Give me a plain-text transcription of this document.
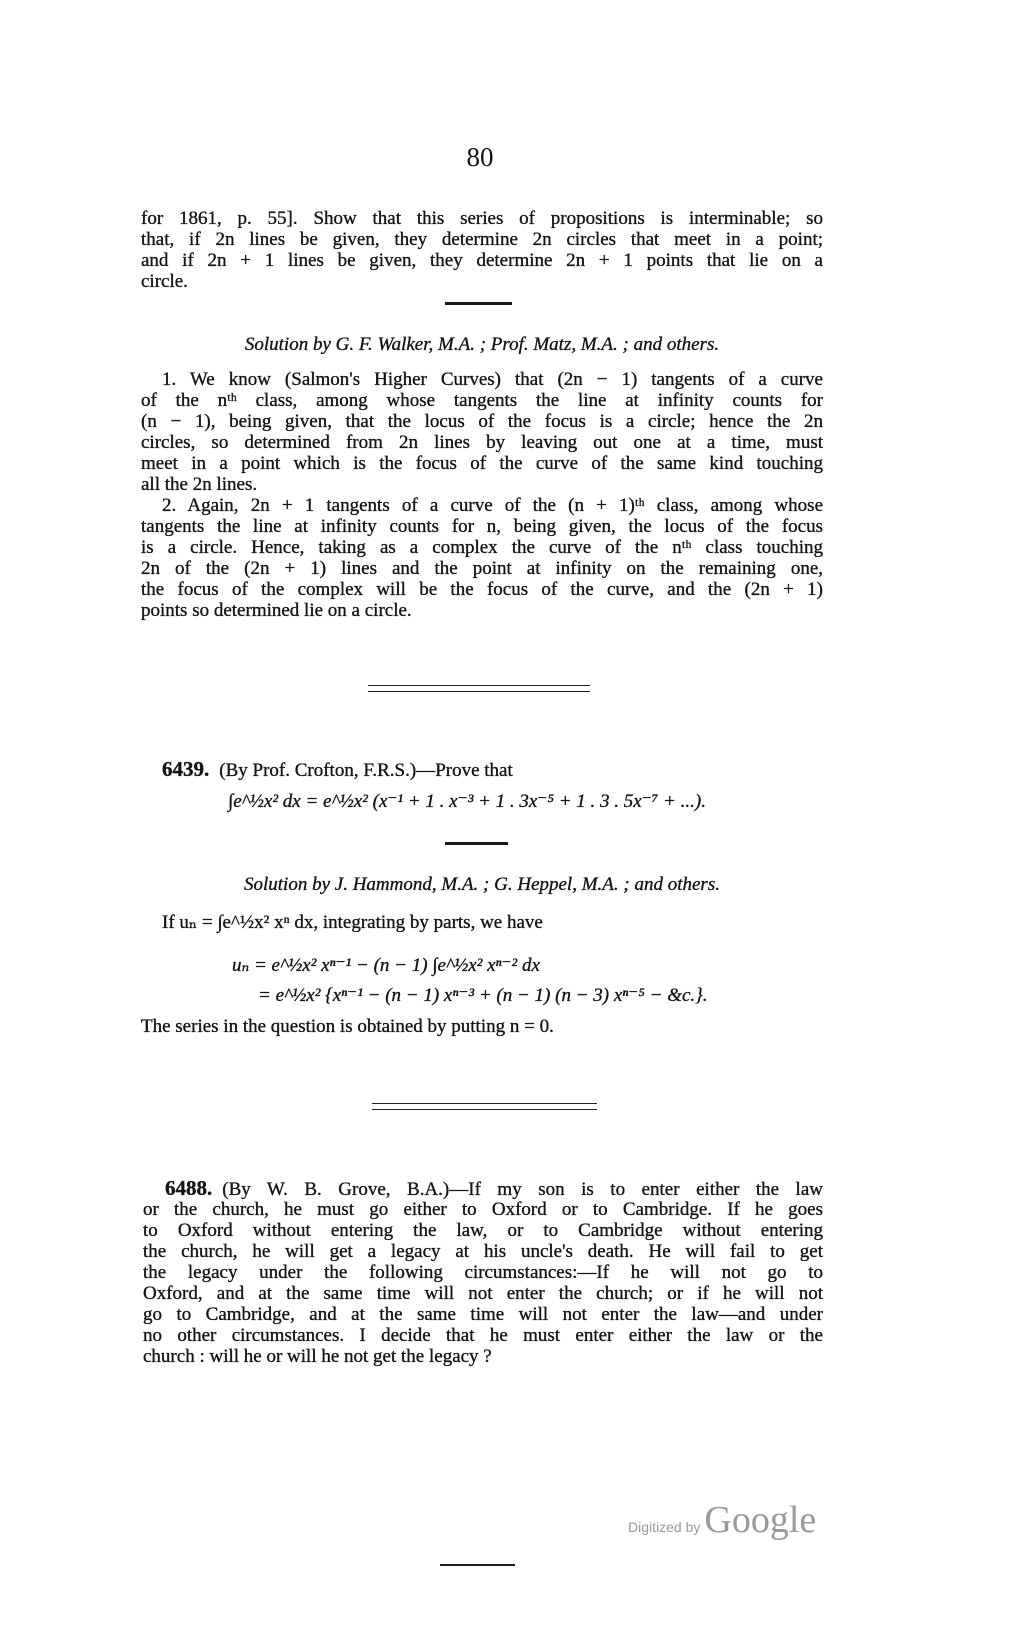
80
for 1861, p. 55]. Show that this series of propositions is interminable; so
that, if 2n lines be given, they determine 2n circles that meet in a point;
and if 2n + 1 lines be given, they determine 2n + 1 points that lie on a
circle.
Solution by G. F. Walker, M.A. ; Prof. Matz, M.A. ; and others.
1. We know (Salmon's Higher Curves) that (2n − 1) tangents of a curve
of the nᵗʰ class, among whose tangents the line at infinity counts for
(n − 1), being given, that the locus of the focus is a circle; hence the 2n
circles, so determined from 2n lines by leaving out one at a time, must
meet in a point which is the focus of the curve of the same kind touching
all the 2n lines.
2. Again, 2n + 1 tangents of a curve of the (n + 1)ᵗʰ class, among whose
tangents the line at infinity counts for n, being given, the locus of the focus
is a circle. Hence, taking as a complex the curve of the nᵗʰ class touching
2n of the (2n + 1) lines and the point at infinity on the remaining one,
the focus of the complex will be the focus of the curve, and the (2n + 1)
points so determined lie on a circle.
6439. (By Prof. Crofton, F.R.S.)—Prove that
∫e^½x² dx = e^½x² (x⁻¹ + 1 . x⁻³ + 1 . 3x⁻⁵ + 1 . 3 . 5x⁻⁷ + ...).
Solution by J. Hammond, M.A. ; G. Heppel, M.A. ; and others.
If uₙ = ∫e^½x² xⁿ dx, integrating by parts, we have
uₙ = e^½x² xⁿ⁻¹ − (n − 1) ∫e^½x² xⁿ⁻² dx
= e^½x² {xⁿ⁻¹ − (n − 1) xⁿ⁻³ + (n − 1) (n − 3) xⁿ⁻⁵ − &c.}.
The series in the question is obtained by putting n = 0.
6488. (By W. B. Grove, B.A.)—If my son is to enter either the law
or the church, he must go either to Oxford or to Cambridge. If he goes
to Oxford without entering the law, or to Cambridge without entering
the church, he will get a legacy at his uncle's death. He will fail to get
the legacy under the following circumstances:—If he will not go to
Oxford, and at the same time will not enter the church; or if he will not
go to Cambridge, and at the same time will not enter the law—and under
no other circumstances. I decide that he must enter either the law or the
church : will he or will he not get the legacy ?
Digitized by Google
